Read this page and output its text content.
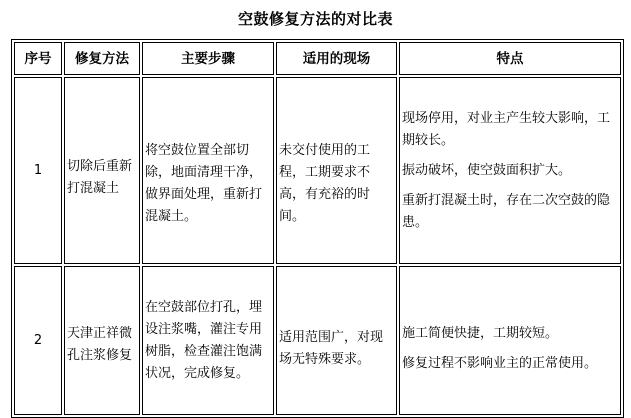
空鼓修复方法的对比表
序号	修复方法	主要步骤	适用的现场	特点
1	切除后重新打混凝土	将空鼓位置全部切除，地面清理干净，做界面处理，重新打混凝土。	未交付使用的工程，工期要求不高，有充裕的时间。	现场停用，对业主产生较大影响，工期较长。

振动破坏，使空鼓面积扩大。

重新打混凝土时，存在二次空鼓的隐患。

2	天津正祥微孔注浆修复	在空鼓部位打孔，埋设注浆嘴，灌注专用树脂，检查灌注饱满状况，完成修复。	适用范围广，对现场无特殊要求。	施工简便快捷，工期较短。

修复过程不影响业主的正常使用。
